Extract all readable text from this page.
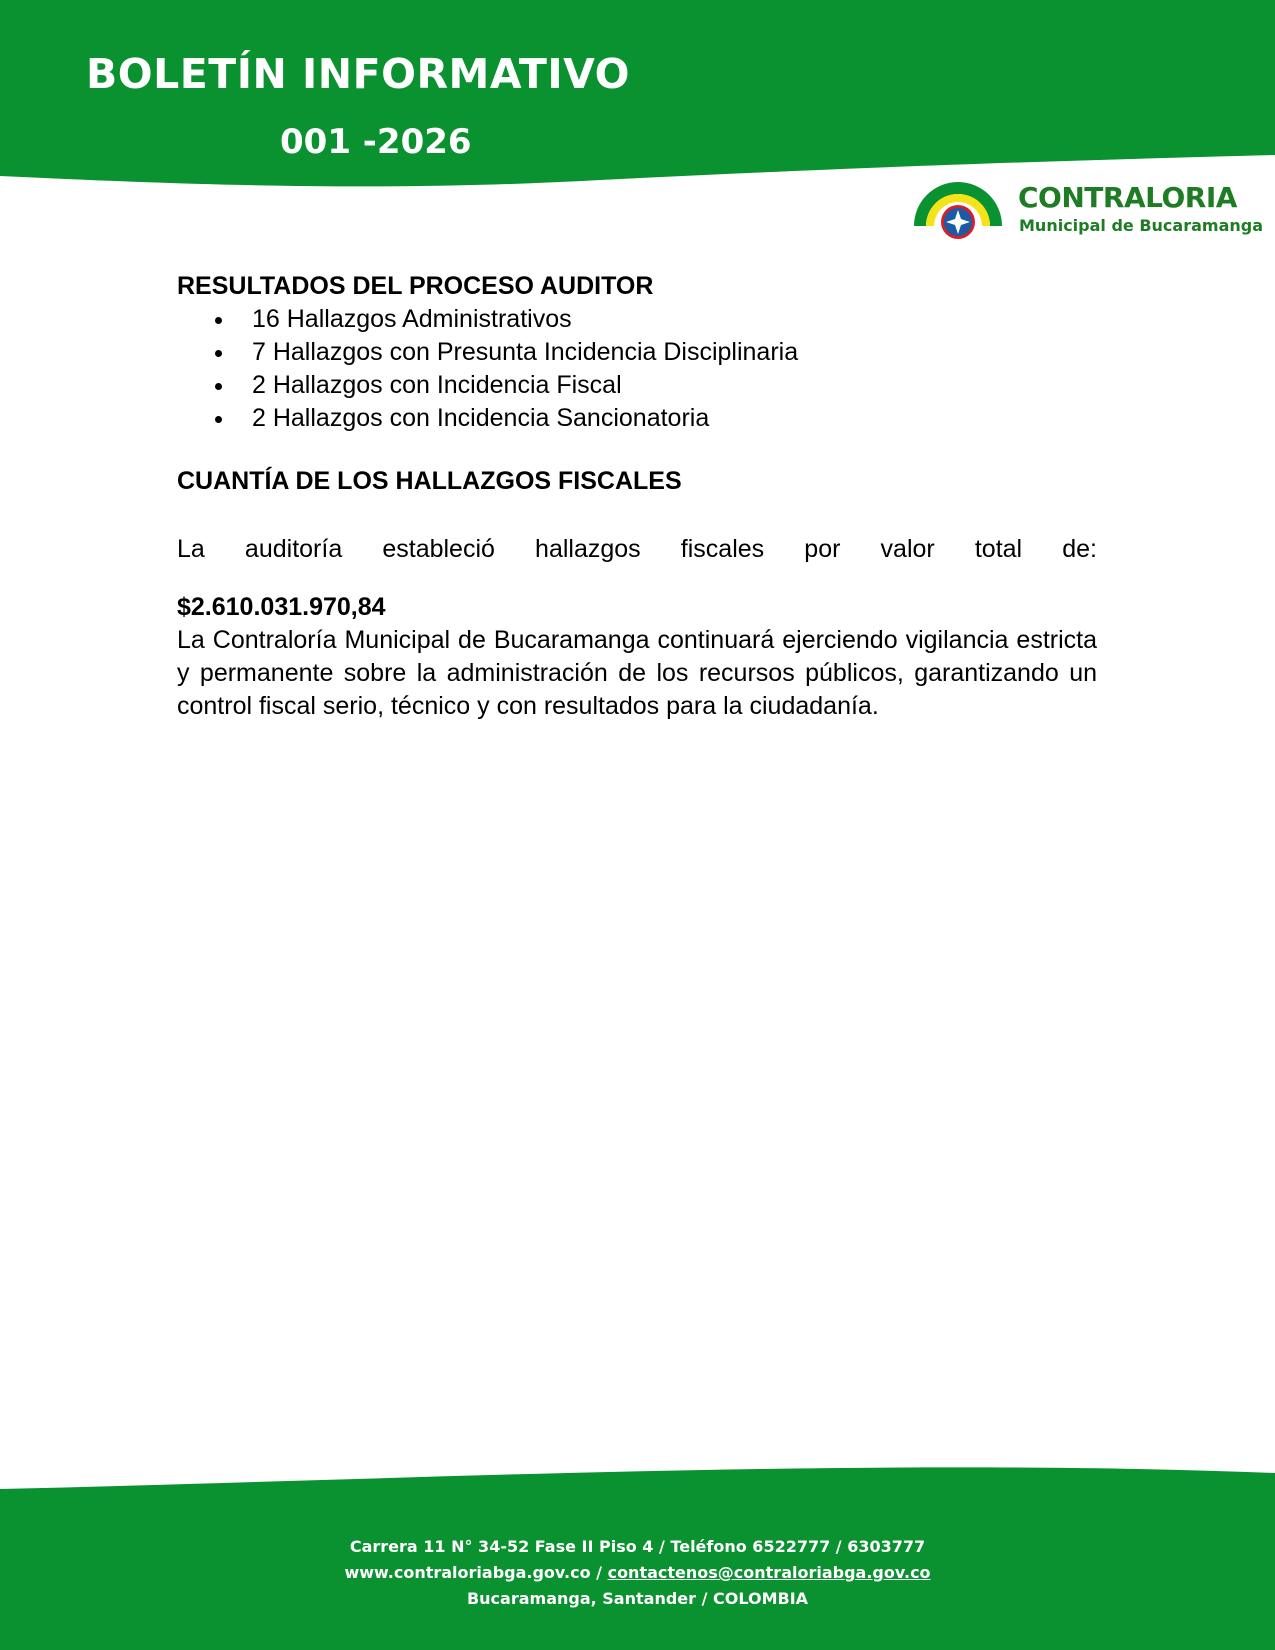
BOLETÍN INFORMATIVO
001 -2026
CONTRALORIA
Municipal de Bucaramanga
RESULTADOS DEL PROCESO AUDITOR
16 Hallazgos Administrativos
7 Hallazgos con Presunta Incidencia Disciplinaria
2 Hallazgos con Incidencia Fiscal
2 Hallazgos con Incidencia Sancionatoria
CUANTÍA DE LOS HALLAZGOS FISCALES

La auditoría estableció hallazgos fiscales por valor total de:

$2.610.031.970,84

La Contraloría Municipal de Bucaramanga continuará ejerciendo vigilancia estricta y permanente sobre la administración de los recursos públicos, garantizando un control fiscal serio, técnico y con resultados para la ciudadanía.

Carrera 11 N° 34-52 Fase II Piso 4 / Teléfono 6522777 / 6303777
www.contraloriabga.gov.co / contactenos@contraloriabga.gov.co
Bucaramanga, Santander / COLOMBIA
